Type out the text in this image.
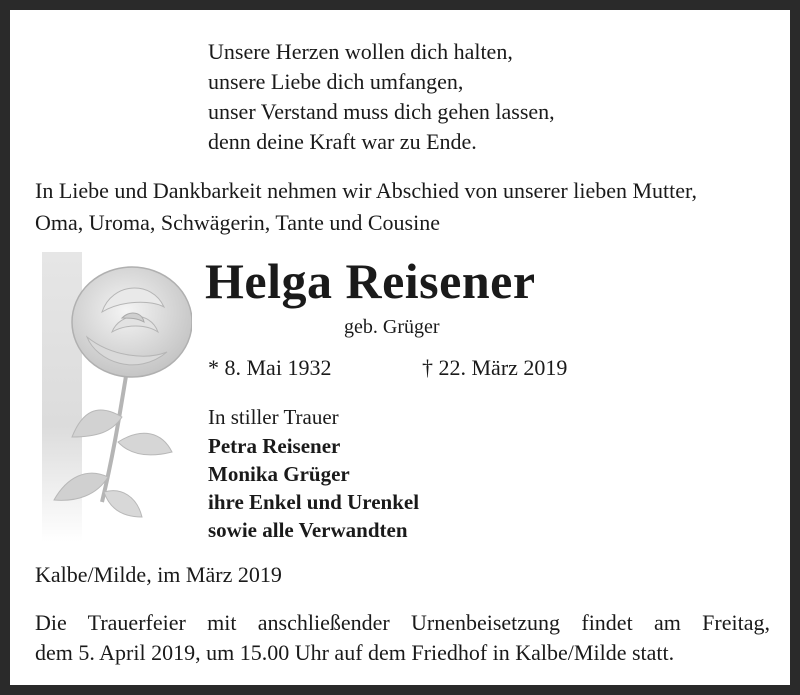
Unsere Herzen wollen dich halten,
unsere Liebe dich umfangen,
unser Verstand muss dich gehen lassen,
denn deine Kraft war zu Ende.
In Liebe und Dankbarkeit nehmen wir Abschied von unserer lieben Mutter,
Oma, Uroma, Schwägerin, Tante und Cousine
Helga Reisener
geb. Grüger
* 8. Mai 1932	† 22. März 2019
In stiller Trauer
Petra Reisener
Monika Grüger
ihre Enkel und Urenkel
sowie alle Verwandten
Kalbe/Milde, im März 2019
Die Trauerfeier mit anschließender Urnenbeisetzung findet am Freitag,
dem 5. April 2019, um 15.00 Uhr auf dem Friedhof in Kalbe/Milde statt.
